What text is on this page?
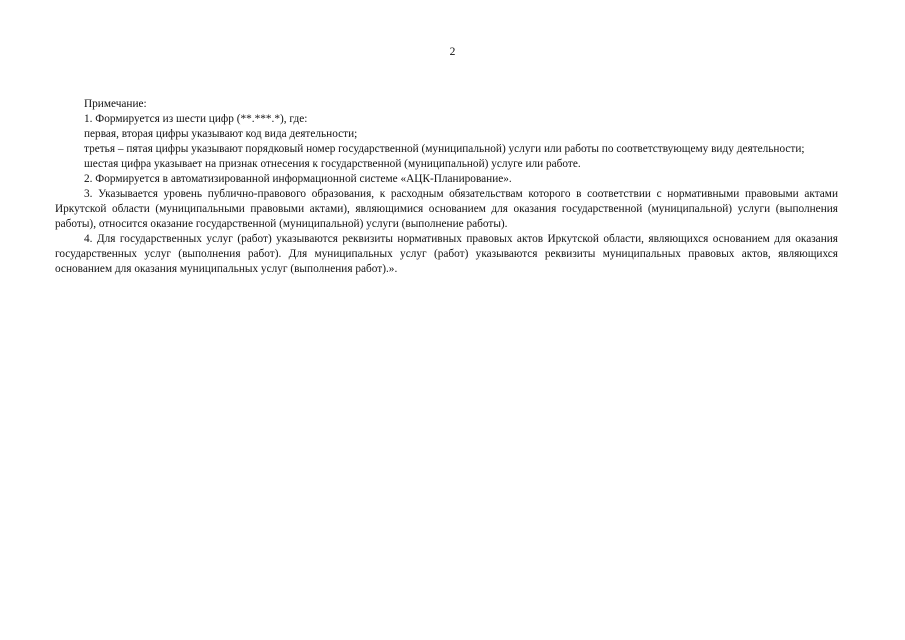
2

Примечание:

1. Формируется из шести цифр (**.***.*), где:

первая, вторая цифры указывают код вида деятельности;

третья – пятая цифры указывают порядковый номер государственной (муниципальной) услуги или работы по соответствующему виду деятельности;

шестая цифра указывает на признак отнесения к государственной (муниципальной) услуге или работе.

2. Формируется в автоматизированной информационной системе «АЦК-Планирование».

3. Указывается уровень публично-правового образования, к расходным обязательствам которого в соответствии с нормативными правовыми актами Иркутской области (муниципальными правовыми актами), являющимися основанием для оказания государственной (муниципальной) услуги (выполнения работы), относится оказание государственной (муниципальной) услуги (выполнение работы).

4. Для государственных услуг (работ) указываются реквизиты нормативных правовых актов Иркутской области, являющихся основанием для оказания государственных услуг (выполнения работ). Для муниципальных услуг (работ) указываются реквизиты муниципальных правовых актов, являющихся основанием для оказания муниципальных услуг (выполнения работ).».
